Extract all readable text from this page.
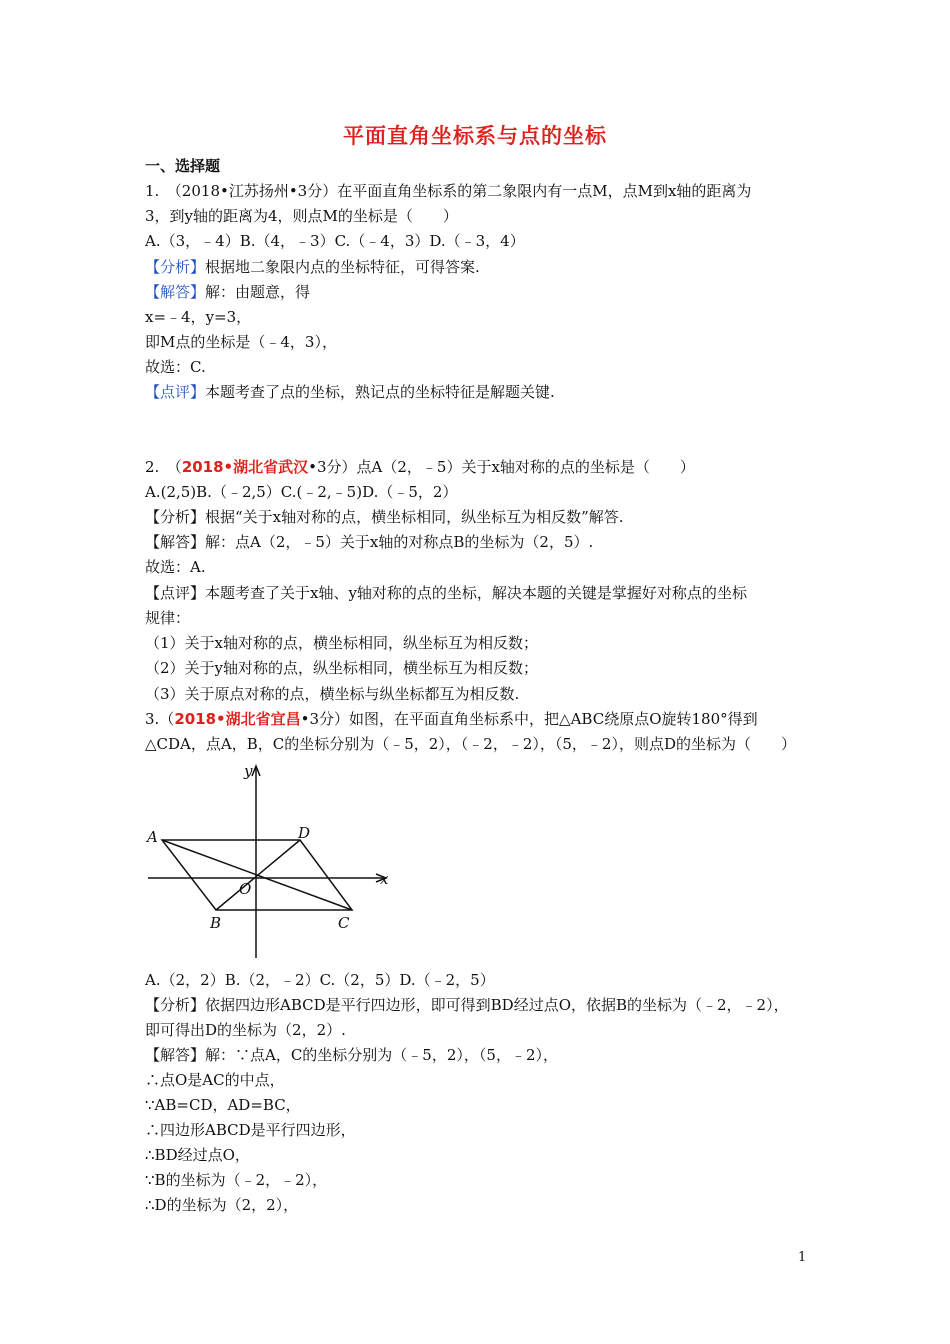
平面直角坐标系与点的坐标
一、选择题
1.　（2018•江苏扬州•3分）在平面直角坐标系的第二象限内有一点M，点M到x轴的距离为
3，到y轴的距离为4，则点M的坐标是（　　）
A.（3，﹣4）B.（4，﹣3）C.（﹣4，3）D.（﹣3，4）
【分析】根据地二象限内点的坐标特征，可得答案.
【解答】解：由题意，得
x=﹣4，y=3，
即M点的坐标是（﹣4，3），
故选：C.
【点评】本题考查了点的坐标，熟记点的坐标特征是解题关键.
2.　（2018•湖北省武汉•3分）点A（2，﹣5）关于x轴对称的点的坐标是（　　）
A.(2,5)B.（﹣2,5）C.(﹣2,﹣5)D.（﹣5，2）
【分析】根据“关于x轴对称的点，横坐标相同，纵坐标互为相反数”解答.
【解答】解：点A（2，﹣5）关于x轴的对称点B的坐标为（2，5）.
故选：A.
【点评】本题考查了关于x轴、y轴对称的点的坐标，解决本题的关键是掌握好对称点的坐标
规律：
（1）关于x轴对称的点，横坐标相同，纵坐标互为相反数；
（2）关于y轴对称的点，纵坐标相同，横坐标互为相反数；
（3）关于原点对称的点，横坐标与纵坐标都互为相反数.
3.（2018•湖北省宜昌•3分）如图，在平面直角坐标系中，把△ABC绕原点O旋转180°得到
△CDA，点A，B，C的坐标分别为（﹣5，2），（﹣2，﹣2），（5，﹣2），则点D的坐标为（　　）
y
x
A	D
O
B	C
A.（2，2）B.（2，﹣2）C.（2，5）D.（﹣2，5）
【分析】依据四边形ABCD是平行四边形，即可得到BD经过点O，依据B的坐标为（﹣2，﹣2），
即可得出D的坐标为（2，2）.
【解答】解：∵点A，C的坐标分别为（﹣5，2），（5，﹣2），
∴点O是AC的中点，
∵AB=CD，AD=BC，
∴四边形ABCD是平行四边形，
∴BD经过点O，
∵B的坐标为（﹣2，﹣2），
∴D的坐标为（2，2），
1
